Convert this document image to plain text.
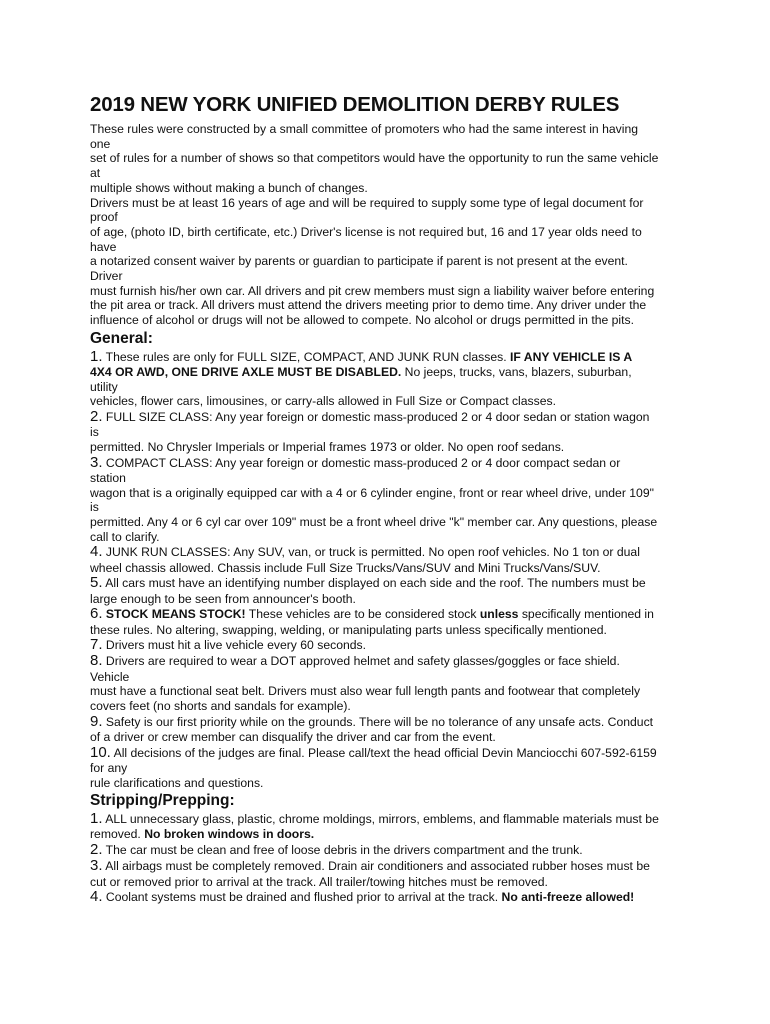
2019 NEW YORK UNIFIED DEMOLITION DERBY RULES
These rules were constructed by a small committee of promoters who had the same interest in having
one
set of rules for a number of shows so that competitors would have the opportunity to run the same vehicle
at
multiple shows without making a bunch of changes.
Drivers must be at least 16 years of age and will be required to supply some type of legal document for
proof
of age, (photo ID, birth certificate, etc.) Driver's license is not required but, 16 and 17 year olds need to
have
a notarized consent waiver by parents or guardian to participate if parent is not present at the event.
Driver
must furnish his/her own car. All drivers and pit crew members must sign a liability waiver before entering
the pit area or track. All drivers must attend the drivers meeting prior to demo time. Any driver under the
influence of alcohol or drugs will not be allowed to compete. No alcohol or drugs permitted in the pits.
General:
1. These rules are only for FULL SIZE, COMPACT, AND JUNK RUN classes. IF ANY VEHICLE IS A
4X4 OR AWD, ONE DRIVE AXLE MUST BE DISABLED. No jeeps, trucks, vans, blazers, suburban,
utility
vehicles, flower cars, limousines, or carry-alls allowed in Full Size or Compact classes.
2. FULL SIZE CLASS: Any year foreign or domestic mass-produced 2 or 4 door sedan or station wagon
is
permitted. No Chrysler Imperials or Imperial frames 1973 or older. No open roof sedans.
3. COMPACT CLASS: Any year foreign or domestic mass-produced 2 or 4 door compact sedan or
station
wagon that is a originally equipped car with a 4 or 6 cylinder engine, front or rear wheel drive, under 109"
is
permitted. Any 4 or 6 cyl car over 109" must be a front wheel drive "k" member car. Any questions, please
call to clarify.
4. JUNK RUN CLASSES: Any SUV, van, or truck is permitted. No open roof vehicles. No 1 ton or dual
wheel chassis allowed. Chassis include Full Size Trucks/Vans/SUV and Mini Trucks/Vans/SUV.
5. All cars must have an identifying number displayed on each side and the roof. The numbers must be
large enough to be seen from announcer's booth.
6. STOCK MEANS STOCK! These vehicles are to be considered stock unless specifically mentioned in
these rules. No altering, swapping, welding, or manipulating parts unless specifically mentioned.
7. Drivers must hit a live vehicle every 60 seconds.
8. Drivers are required to wear a DOT approved helmet and safety glasses/goggles or face shield.
Vehicle
must have a functional seat belt. Drivers must also wear full length pants and footwear that completely
covers feet (no shorts and sandals for example).
9. Safety is our first priority while on the grounds. There will be no tolerance of any unsafe acts. Conduct
of a driver or crew member can disqualify the driver and car from the event.
10. All decisions of the judges are final. Please call/text the head official Devin Manciocchi 607-592-6159
for any
rule clarifications and questions.
Stripping/Prepping:
1. ALL unnecessary glass, plastic, chrome moldings, mirrors, emblems, and flammable materials must be
removed. No broken windows in doors.
2. The car must be clean and free of loose debris in the drivers compartment and the trunk.
3. All airbags must be completely removed. Drain air conditioners and associated rubber hoses must be
cut or removed prior to arrival at the track. All trailer/towing hitches must be removed.
4. Coolant systems must be drained and flushed prior to arrival at the track. No anti-freeze allowed!
